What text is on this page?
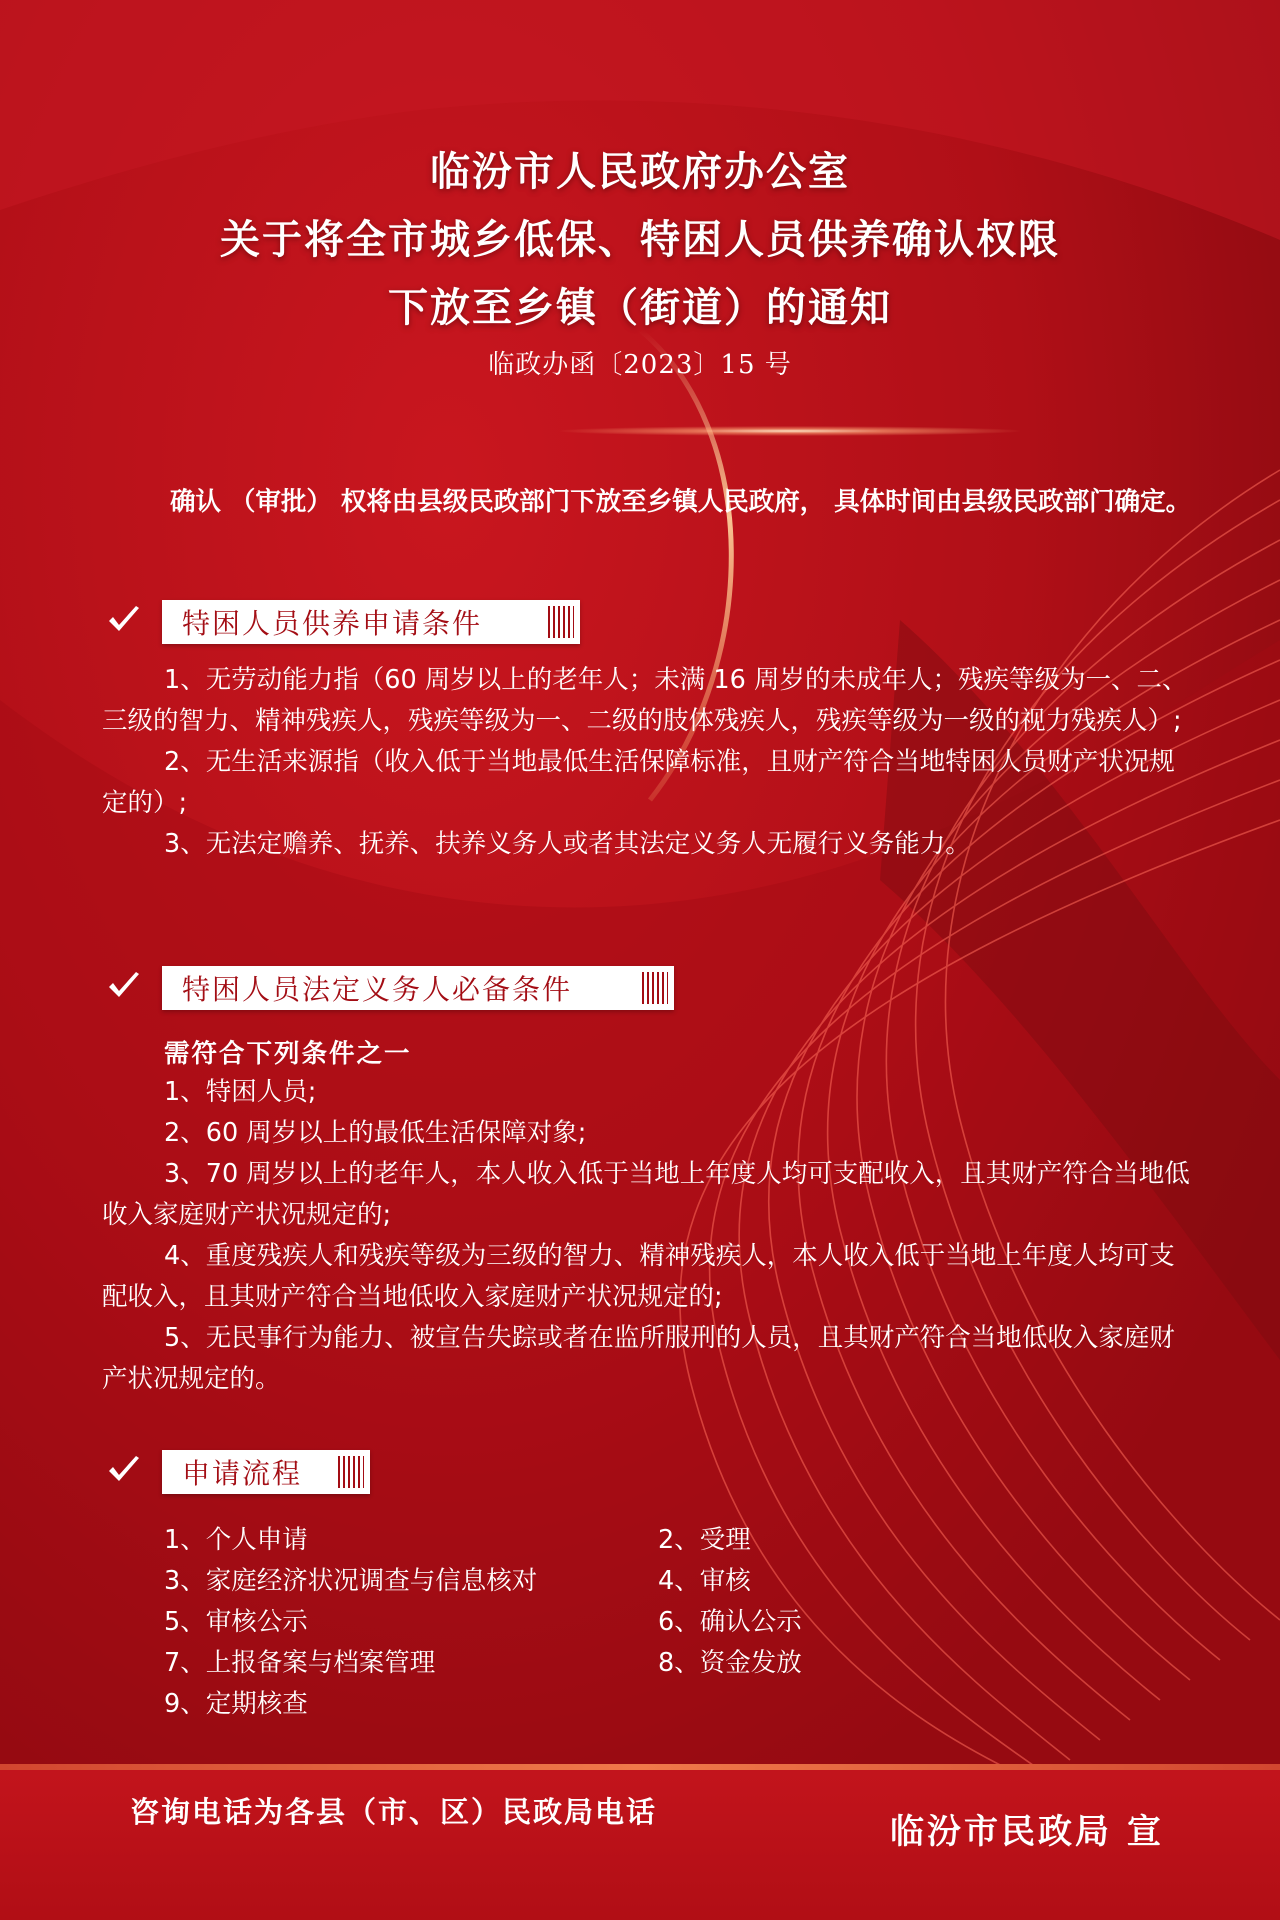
临汾市人民政府办公室
关于将全市城乡低保、特困人员供养确认权限
下放至乡镇（街道）的通知
临政办函〔2023〕15 号
确认 （审批） 权将由县级民政部门下放至乡镇人民政府， 具体时间由县级民政部门确定。
特困人员供养申请条件

1、无劳动能力指（60 周岁以上的老年人；未满 16 周岁的未成年人；残疾等级为一、二、三级的智力、精神残疾人，残疾等级为一、二级的肢体残疾人，残疾等级为一级的视力残疾人）;

2、无生活来源指（收入低于当地最低生活保障标准，且财产符合当地特困人员财产状况规定的）;

3、无法定赡养、抚养、扶养义务人或者其法定义务人无履行义务能力。

特困人员法定义务人必备条件
需符合下列条件之一

1、特困人员;

2、60 周岁以上的最低生活保障对象;

3、70 周岁以上的老年人，本人收入低于当地上年度人均可支配收入，且其财产符合当地低收入家庭财产状况规定的;

4、重度残疾人和残疾等级为三级的智力、精神残疾人，本人收入低于当地上年度人均可支配收入，且其财产符合当地低收入家庭财产状况规定的;

5、无民事行为能力、被宣告失踪或者在监所服刑的人员，且其财产符合当地低收入家庭财产状况规定的。

申请流程
1、个人申请	2、受理
3、家庭经济状况调查与信息核对	4、审核
5、审核公示	6、确认公示
7、上报备案与档案管理	8、资金发放
9、定期核查
咨询电话为各县（市、区）民政局电话	临汾市民政局 宣
